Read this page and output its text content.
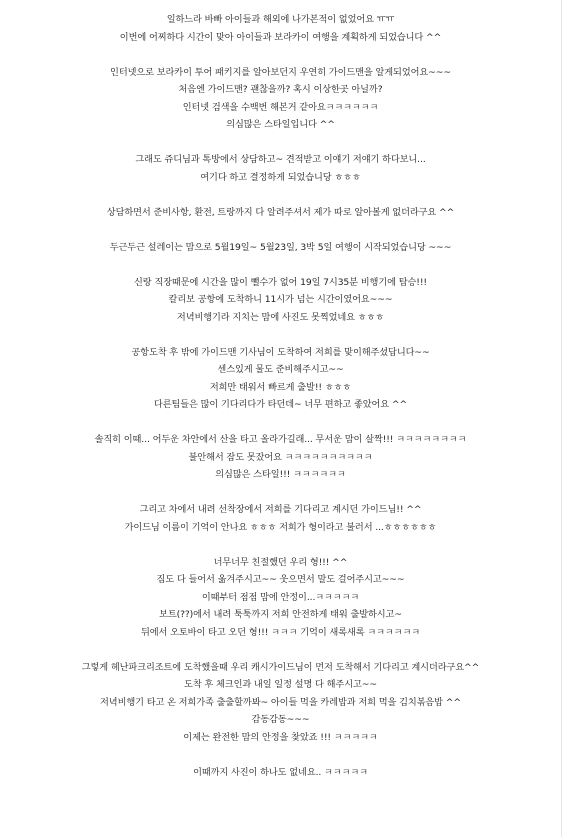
일하느라 바빠 아이들과 해외에 나가본적이 없었어요 ㅠㅠ
이번에 어찌하다 시간이 맞아 아이들과 보라카이 여행을 계획하게 되었습니다 ^^
인터넷으로 보라카이 투어 패키지를 알아보던지 우연히 가이드맨을 알게되었어요~~~
처음엔 가이드맨? 괜찮을까? 혹시 이상한곳 아닐까?
인터넷 검색을 수백번 해본거 같아요ㅋㅋㅋㅋㅋㅋ
의심많은 스타일입니다 ^^
그래도 쥬디님과 톡방에서 상담하고~ 견적받고 이얘기 저얘기 하다보니...
여기다 하고 결정하게 되었습니당 ㅎㅎㅎ
상담하면서 준비사항, 환전, 트랑까지 다 알려주셔서 제가 따로 알아볼게 없더라구요 ^^
두근두근 설레이는 맘으로 5월19일~ 5월23일, 3박 5일 여행이 시작되었습니당 ~~~
신랑 직장때문에 시간을 많이 뺄수가 없어 19일 7시35분 비행기에 탑승!!!
칼리보 공항에 도착하니 11시가 넘는 시간이였어요~~~
저녁비행기라 지치는 맘에 사진도 못찍었네요 ㅎㅎㅎ
공항도착 후 밖에 가이드맨 기사님이 도착하여 저희를 맞이해주셨답니다~~
센스있게 물도 준비해주시고~~
저희만 태워서 빠르게 출발!! ㅎㅎㅎ
다른팀들은 많이 기다리다가 타던데~ 너무 편하고 좋았어요 ^^
솔직히 이때... 어두운 차안에서 산을 타고 올라가길래... 무서운 맘이 살짝!!! ㅋㅋㅋㅋㅋㅋㅋㅋ
불안해서 잠도 못잤어요 ㅋㅋㅋㅋㅋㅋㅋㅋㅋㅋ
의심많은 스타일!!! ㅋㅋㅋㅋㅋㅋ
그리고 차에서 내려 선착장에서 저희를 기다리고 계시던 가이드님!! ^^
가이드님 이름이 기억이 안나요 ㅎㅎㅎ 저희가 형이라고 불러서 ...ㅎㅎㅎㅎㅎㅎ
너무너무 친절했던 우리 형!!! ^^
짐도 다 들어서 옮겨주시고~~ 웃으면서 말도 걸어주시고~~~
이때부터 점점 맘에 안정이...ㅋㅋㅋㅋㅋ
보트(??)에서 내려 툭툭까지 저희 안전하게 태워 출발하시고~
뒤에서 오토바이 타고 오던 형!!! ㅋㅋㅋ 기억이 새록새록 ㅋㅋㅋㅋㅋㅋ
그렇게 헤난파크리조트에 도착했을때 우리 캐시가이드님이 먼저 도착해서 기다리고 계시더라구요^^
도착 후 체크인과 내일 일정 설명 다 해주시고~~
저녁비행기 타고 온 저희가족 출출할까봐~ 아이들 먹을 카레밥과 저희 먹을 김치볶음밥 ^^
감동감동~~~
이제는 완전한 맘의 안정을 찾았죠 !!! ㅋㅋㅋㅋㅋ
이때까지 사진이 하나도 없네요.. ㅋㅋㅋㅋㅋ
